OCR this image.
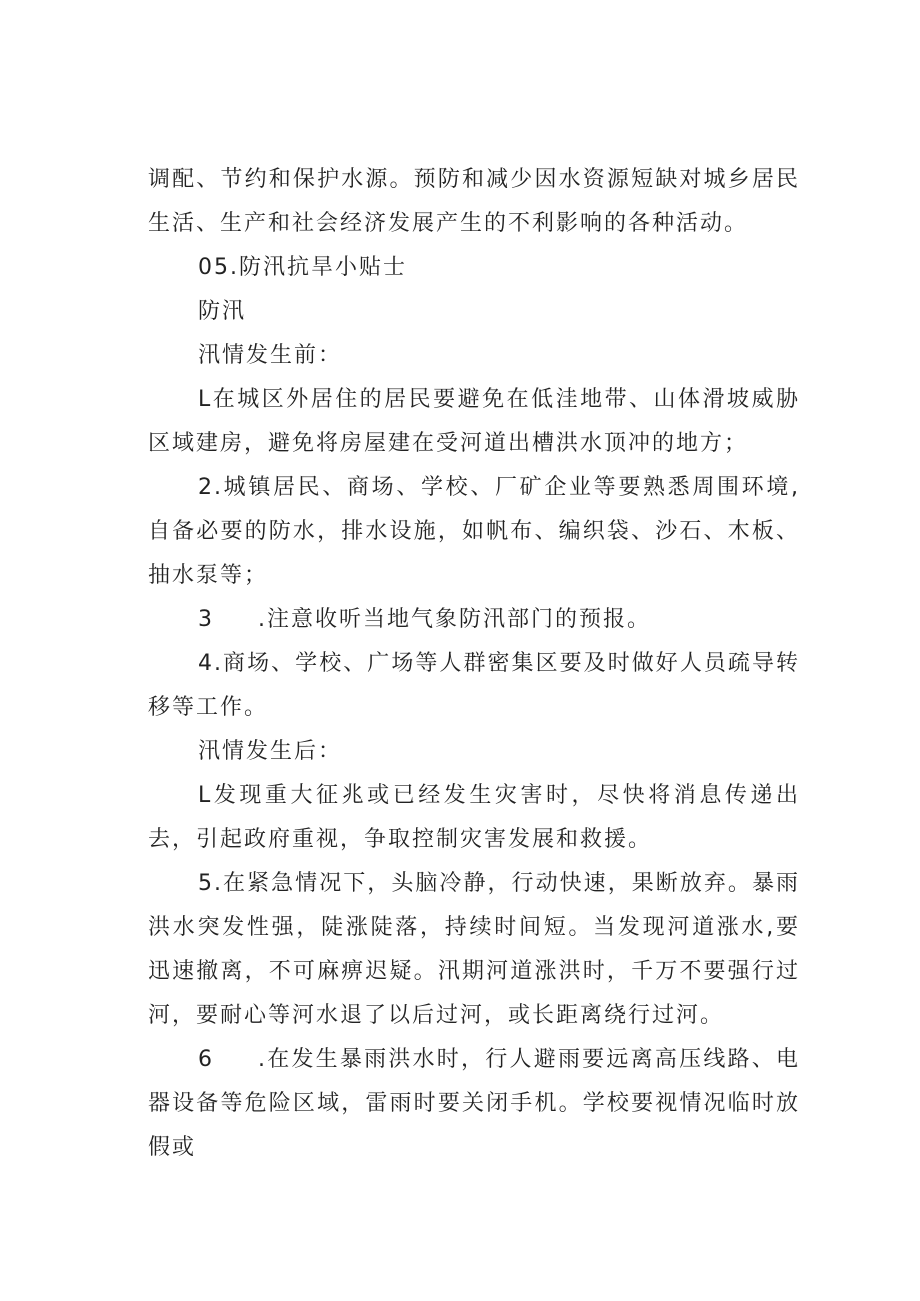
调配、节约和保护水源。预防和减少因水资源短缺对城乡居民生活、生产和社会经济发展产生的不利影响的各种活动。

05.防汛抗旱小贴士

防汛

汛情发生前：

L在城区外居住的居民要避免在低洼地带、山体滑坡威胁区域建房，避免将房屋建在受河道出槽洪水顶冲的地方；

2.城镇居民、商场、学校、厂矿企业等要熟悉周围环境,自备必要的防水，排水设施，如帆布、编织袋、沙石、木板、抽水泵等；

3 .注意收听当地气象防汛部门的预报。

4.商场、学校、广场等人群密集区要及时做好人员疏导转移等工作。

汛情发生后：

L发现重大征兆或已经发生灾害时，尽快将消息传递出去，引起政府重视，争取控制灾害发展和救援。

5.在紧急情况下，头脑冷静，行动快速，果断放弃。暴雨洪水突发性强，陡涨陡落，持续时间短。当发现河道涨水,要迅速撤离，不可麻痹迟疑。汛期河道涨洪时，千万不要强行过河，要耐心等河水退了以后过河，或长距离绕行过河。

6 .在发生暴雨洪水时，行人避雨要远离高压线路、电器设备等危险区域，雷雨时要关闭手机。学校要视情况临时放假或
